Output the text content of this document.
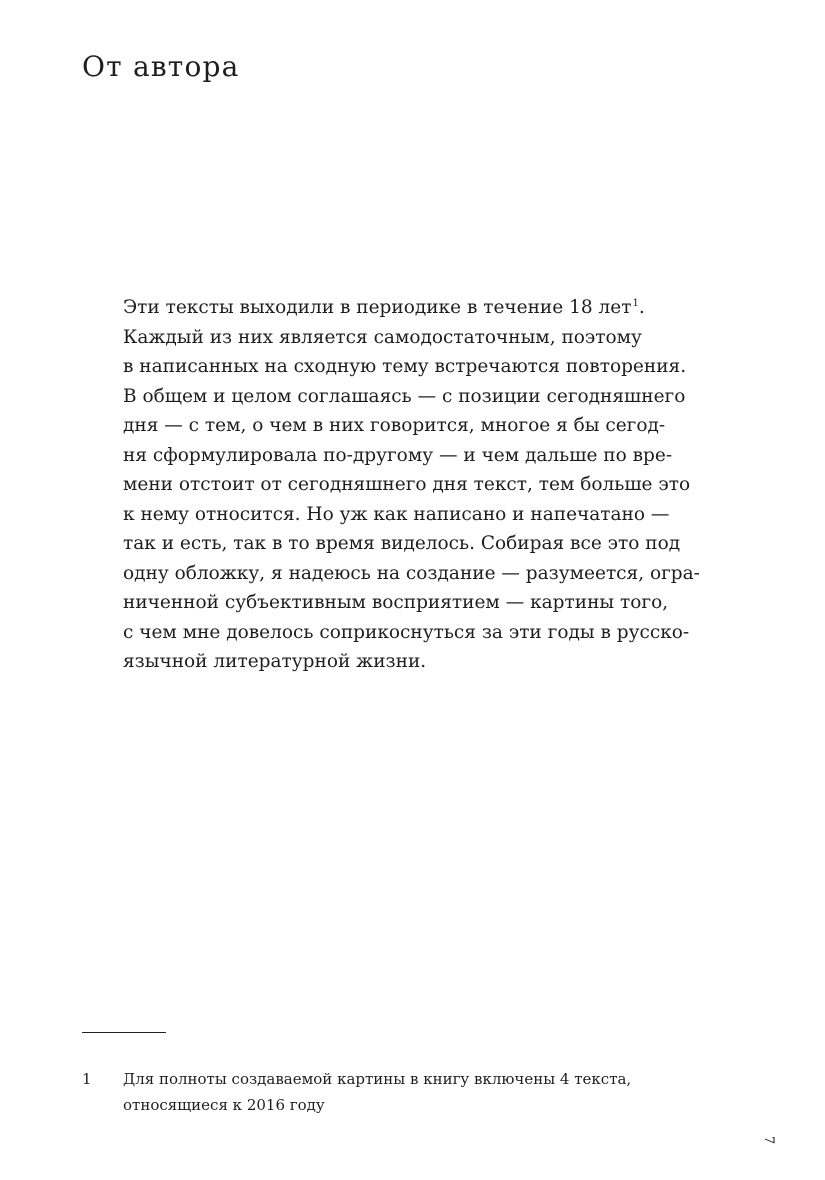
От автора
Эти тексты выходили в периодике в течение 18 лет$^1$.
Каждый из них является самодостаточным, поэтому
в написанных на сходную тему встречаются повторения.
В общем и целом соглашаясь — с позиции сегодняшнего
дня — с тем, о чем в них говорится, многое я бы сегод-
ня сформулировала по-другому — и чем дальше по вре-
мени отстоит от сегодняшнего дня текст, тем больше это
к нему относится. Но уж как написано и напечатано —
так и есть, так в то время виделось. Собирая все это под
одну обложку, я надеюсь на создание — разумеется, огра-
ниченной субъективным восприятием — картины того,
с чем мне довелось соприкоснуться за эти годы в русско-
язычной литературной жизни.
1 Для полноты создаваемой картины в книгу включены 4 текста,
относящиеся к 2016 году
7
